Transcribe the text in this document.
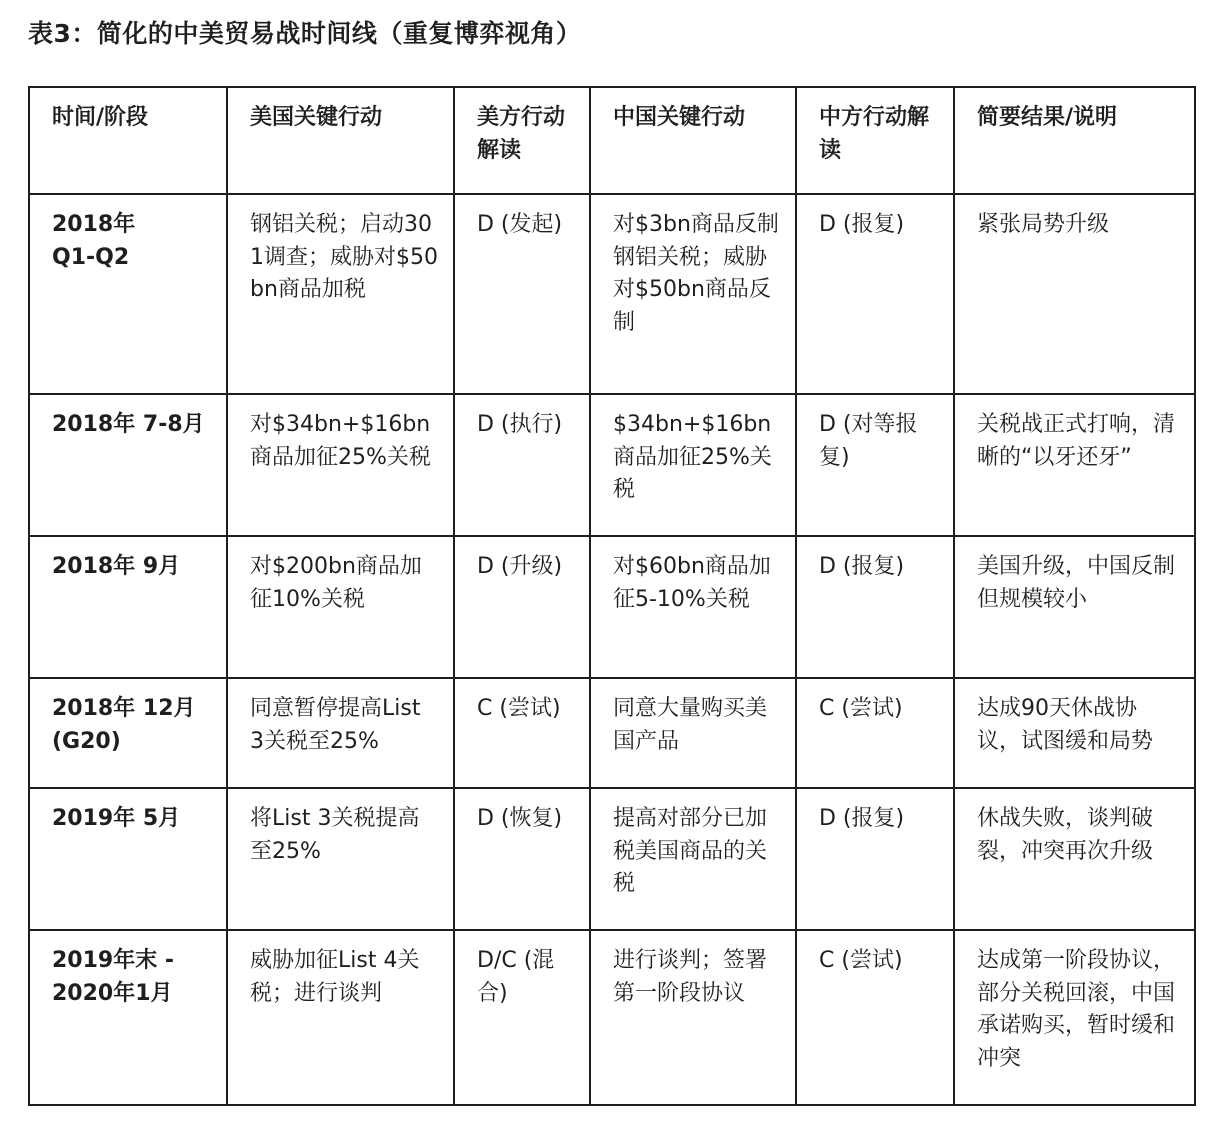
表3：简化的中美贸易战时间线（重复博弈视角）
时间/阶段	美国关键行动	美方行动解读	中国关键行动	中方行动解读	简要结果/说明
2018年 Q1-Q2	钢铝关税；启动301调查；威胁对$50bn商品加税	D (发起)	对$3bn商品反制钢铝关税；威胁对$50bn商品反制	D (报复)	紧张局势升级
2018年 7-8月	对$34bn+$16bn商品加征25%关税	D (执行)	$34bn+$16bn商品加征25%关税	D (对等报复)	关税战正式打响，清晰的“以牙还牙”
2018年 9月	对$200bn商品加征10%关税	D (升级)	对$60bn商品加征5-10%关税	D (报复)	美国升级，中国反制但规模较小
2018年 12月 (G20)	同意暂停提高List 3关税至25%	C (尝试)	同意大量购买美国产品	C (尝试)	达成90天休战协议，试图缓和局势
2019年 5月	将List 3关税提高至25%	D (恢复)	提高对部分已加税美国商品的关税	D (报复)	休战失败，谈判破裂，冲突再次升级
2019年末 -2020年1月	威胁加征List 4关税；进行谈判	D/C (混合)	进行谈判；签署第一阶段协议	C (尝试)	达成第一阶段协议，部分关税回滚，中国承诺购买，暂时缓和冲突
